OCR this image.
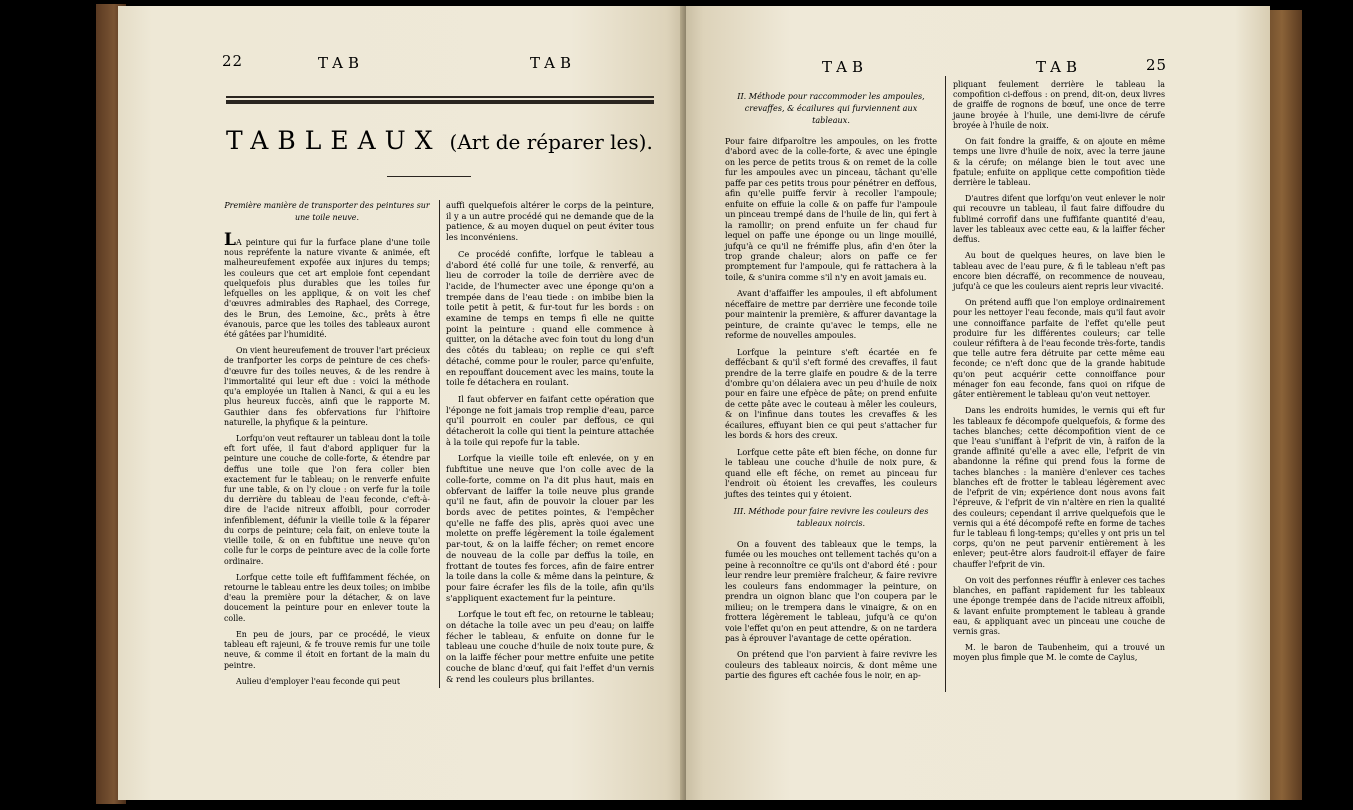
22	TAB	TAB
TABLEAUX (Art de réparer les).

Première manière de transporter des peintures sur une toile neuve.

LA peinture qui fur la furface plane d'une toile nous repréfente la nature vivante & animée, eft malheureufement expofée aux injures du temps; les couleurs que cet art emploie font cependant quelquefois plus durables que les toiles fur lefquelles on les applique, & on voit les chef d'œuvres admirables des Raphael, des Correge, des le Brun, des Lemoine, &c., prêts à être évanouis, parce que les toiles des tableaux auront été gâtées par l'humidité.

On vient heureufement de trouver l'art précieux de tranfporter les corps de peinture de ces chefs-d'œuvre fur des toiles neuves, & de les rendre à l'immortalité qui leur eft due : voici la méthode qu'a employée un Italien à Nanci, & qui a eu les plus heureux fuccès, ainfi que le rapporte M. Gauthier dans fes obfervations fur l'hiftoire naturelle, la phyfique & la peinture.

Lorfqu'on veut reftaurer un tableau dont la toile eft fort ufée, il faut d'abord appliquer fur la peinture une couche de colle-forte, & étendre par deffus une toile que l'on fera coller bien exactement fur le tableau; on le renverfe enfuite fur une table, & on l'y cloue : on verfe fur la toile du derrière du tableau de l'eau feconde, c'eft-à-dire de l'acide nitreux affoibli, pour corroder infenfiblement, défunir la vieille toile & la féparer du corps de peinture; cela fait, on enleve toute la vieille toile, & on en fubftitue une neuve qu'on colle fur le corps de peinture avec de la colle forte ordinaire.

Lorfque cette toile eft fuffifamment féchée, on retourne le tableau entre les deux toiles; on imbibe d'eau la première pour la détacher, & on lave doucement la peinture pour en enlever toute la colle.

En peu de jours, par ce procédé, le vieux tableau eft rajeuni, & fe trouve remis fur une toile neuve, & comme il étoit en fortant de la main du peintre.

Aulieu d'employer l'eau feconde qui peut

auffi quelquefois altérer le corps de la peinture, il y a un autre procédé qui ne demande que de la patience, & au moyen duquel on peut éviter tous les inconvéniens.

Ce procédé confifte, lorfque le tableau a d'abord été collé fur une toile, & renverfé, au lieu de corroder la toile de derrière avec de l'acide, de l'humecter avec une éponge qu'on a trempée dans de l'eau tiede : on imbibe bien la toile petit à petit, & fur-tout fur les bords : on examine de temps en temps fi elle ne quitte point la peinture : quand elle commence à quitter, on la détache avec foin tout du long d'un des côtés du tableau; on replie ce qui s'eft détaché, comme pour le rouler, parce qu'enfuite, en repouffant doucement avec les mains, toute la toile fe détachera en roulant.

Il faut obferver en faifant cette opération que l'éponge ne foit jamais trop remplie d'eau, parce qu'il pourroit en couler par deffous, ce qui détacheroit la colle qui tient la peinture attachée à la toile qui repofe fur la table.

Lorfque la vieille toile eft enlevée, on y en fubftitue une neuve que l'on colle avec de la colle-forte, comme on l'a dit plus haut, mais en obfervant de laiffer la toile neuve plus grande qu'il ne faut, afin de pouvoir la clouer par les bords avec de petites pointes, & l'empêcher qu'elle ne faffe des plis, après quoi avec une molette on preffe légèrement la toile également par-tout, & on la laiffe fécher; on remet encore de nouveau de la colle par deffus la toile, en frottant de toutes fes forces, afin de faire entrer la toile dans la colle & même dans la peinture, & pour faire écrafer les fils de la toile, afin qu'ils s'appliquent exactement fur la peinture.

Lorfque le tout eft fec, on retourne le tableau; on détache la toile avec un peu d'eau; on laiffe fécher le tableau, & enfuite on donne fur le tableau une couche d'huile de noix toute pure, & on la laiffe fécher pour mettre enfuite une petite couche de blanc d'œuf, qui fait l'effet d'un vernis & rend les couleurs plus brillantes.

TAB	TAB	25

II. Méthode pour raccommoder les ampoules, crevaffes, & écailures qui furviennent aux tableaux.

Pour faire difparoître les ampoules, on les frotte d'abord avec de la colle-forte, & avec une épingle on les perce de petits trous & on remet de la colle fur les ampoules avec un pinceau, tâchant qu'elle paffe par ces petits trous pour pénétrer en deffous, afin qu'elle puiffe fervir à recoller l'ampoule; enfuite on effuie la colle & on paffe fur l'ampoule un pinceau trempé dans de l'huile de lin, qui fert à la ramollir; on prend enfuite un fer chaud fur lequel on paffe une éponge ou un linge mouillé, jufqu'à ce qu'il ne frémiffe plus, afin d'en ôter la trop grande chaleur; alors on paffe ce fer promptement fur l'ampoule, qui fe rattachera à la toile, & s'unira comme s'il n'y en avoit jamais eu.

Avant d'affaiffer les ampoules, il eft abfolument néceffaire de mettre par derrière une feconde toile pour maintenir la première, & affurer davantage la peinture, de crainte qu'avec le temps, elle ne reforme de nouvelles ampoules.

Lorfque la peinture s'eft écartée en fe deffécbant & qu'il s'eft formé des crevaffes, il faut prendre de la terre glaife en poudre & de la terre d'ombre qu'on délaiera avec un peu d'huile de noix pour en faire une efpèce de pâte; on prend enfuite de cette pâte avec le couteau à mêler les couleurs, & on l'infinue dans toutes les crevaffes & les écailures, effuyant bien ce qui peut s'attacher fur les bords & hors des creux.

Lorfque cette pâte eft bien féche, on donne fur le tableau une couche d'huile de noix pure, & quand elle eft féche, on remet au pinceau fur l'endroit où étoient les crevaffes, les couleurs juftes des teintes qui y étoient.

III. Méthode pour faire revivre les couleurs des tableaux noircis.

On a fouvent des tableaux que le temps, la fumée ou les mouches ont tellement tachés qu'on a peine à reconnoître ce qu'ils ont d'abord été : pour leur rendre leur première fraîcheur, & faire revivre les couleurs fans endommager la peinture, on prendra un oignon blanc que l'on coupera par le milieu; on le trempera dans le vinaigre, & on en frottera légèrement le tableau, jufqu'à ce qu'on voie l'effet qu'on en peut attendre, & on ne tardera pas à éprouver l'avantage de cette opération.

On prétend que l'on parvient à faire revivre les couleurs des tableaux noircis, & dont même une partie des figures eft cachée fous le noir, en ap-

pliquant feulement derrière le tableau la compofition ci-deffous : on prend, dit-on, deux livres de graiffe de rognons de bœuf, une once de terre jaune broyée à l'huile, une demi-livre de cérufe broyée à l'huile de noix.

On fait fondre la graiffe, & on ajoute en même temps une livre d'huile de noix, avec la terre jaune & la cérufe; on mélange bien le tout avec une fpatule; enfuite on applique cette compofition tiède derrière le tableau.

D'autres difent que lorfqu'on veut enlever le noir qui recouvre un tableau, il faut faire diffoudre du fublimé corrofif dans une fuffifante quantité d'eau, laver les tableaux avec cette eau, & la laiffer fécher deffus.

Au bout de quelques heures, on lave bien le tableau avec de l'eau pure, & fi le tableau n'eft pas encore bien décraffé, on recommence de nouveau, jufqu'à ce que les couleurs aient repris leur vivacité.

On prétend auffi que l'on employe ordinairement pour les nettoyer l'eau feconde, mais qu'il faut avoir une connoiffance parfaite de l'effet qu'elle peut produire fur les différentes couleurs; car telle couleur réfiftera à de l'eau feconde très-forte, tandis que telle autre fera détruite par cette même eau feconde; ce n'eft donc que de la grande habitude qu'on peut acquérir cette connoiffance pour ménager fon eau feconde, fans quoi on rifque de gâter entièrement le tableau qu'on veut nettoyer.

Dans les endroits humides, le vernis qui eft fur les tableaux fe décompofe quelquefois, & forme des taches blanches; cette décompofition vient de ce que l'eau s'uniffant à l'efprit de vin, à raifon de la grande affinité qu'elle a avec elle, l'efprit de vin abandonne la réfine qui prend fous la forme de taches blanches : la manière d'enlever ces taches blanches eft de frotter le tableau légèrement avec de l'efprit de vin; expérience dont nous avons fait l'épreuve, & l'efprit de vin n'altère en rien la qualité des couleurs; cependant il arrive quelquefois que le vernis qui a été décompofé refte en forme de taches fur le tableau fi long-temps; qu'elles y ont pris un tel corps, qu'on ne peut parvenir entièrement à les enlever; peut-être alors faudroit-il effayer de faire chauffer l'efprit de vin.

On voit des perfonnes réuffir à enlever ces taches blanches, en paffant rapidement fur les tableaux une éponge trempée dans de l'acide nitreux affoibli, & lavant enfuite promptement le tableau à grande eau, & appliquant avec un pinceau une couche de vernis gras.

M. le baron de Taubenheim, qui a trouvé un moyen plus fimple que M. le comte de Caylus,
